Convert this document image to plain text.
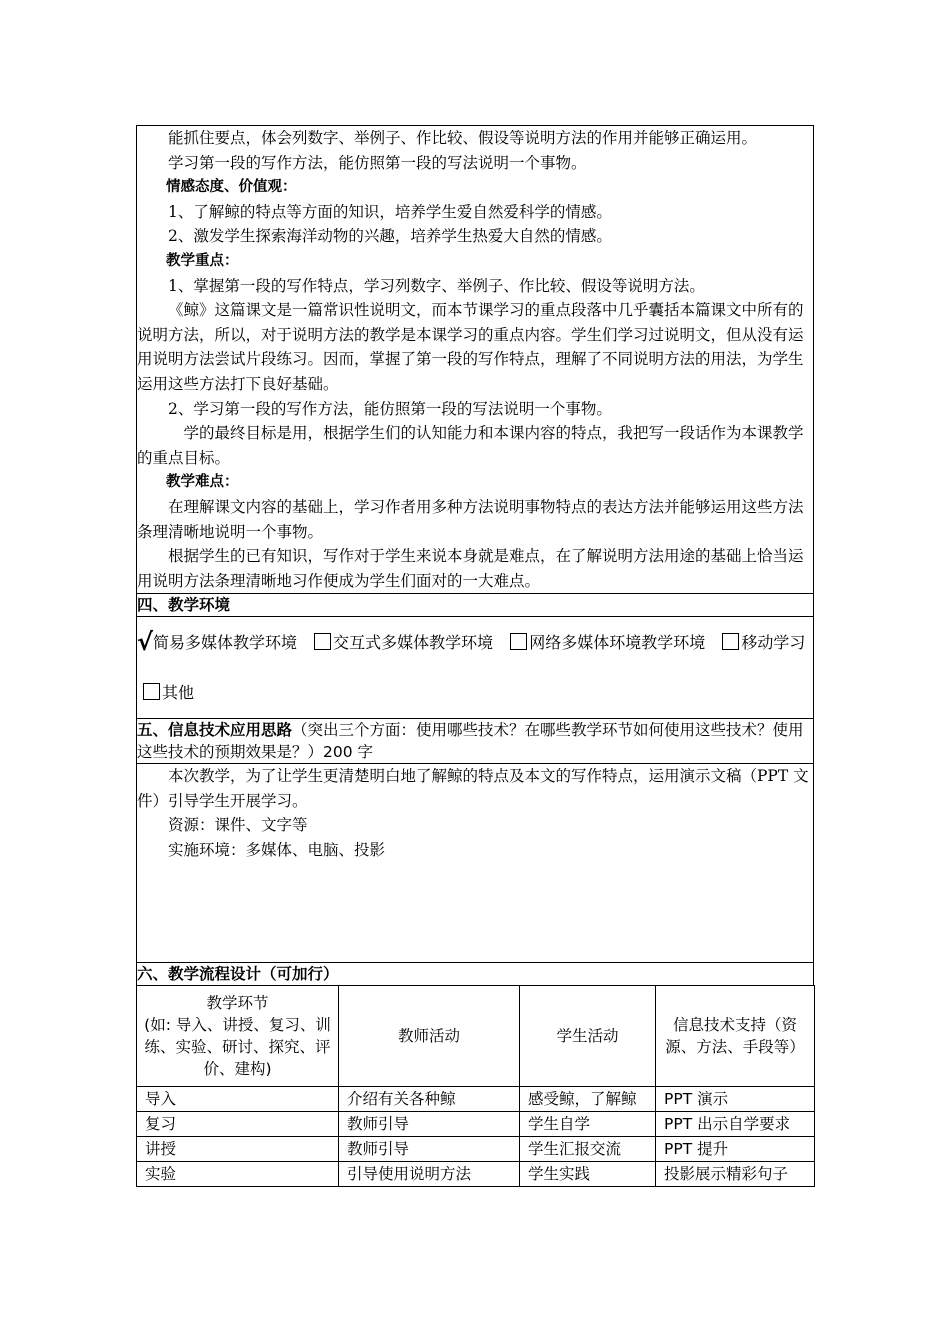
能抓住要点，体会列数字、举例子、作比较、假设等说明方法的作用并能够正确运用。

学习第一段的写作方法，能仿照第一段的写法说明一个事物。

情感态度、价值观：

1、了解鲸的特点等方面的知识，培养学生爱自然爱科学的情感。

2、激发学生探索海洋动物的兴趣，培养学生热爱大自然的情感。

教学重点：

1、掌握第一段的写作特点，学习列数字、举例子、作比较、假设等说明方法。

《鲸》这篇课文是一篇常识性说明文，而本节课学习的重点段落中几乎囊括本篇课文中所有的说明方法，所以，对于说明方法的教学是本课学习的重点内容。学生们学习过说明文，但从没有运用说明方法尝试片段练习。因而，掌握了第一段的写作特点，理解了不同说明方法的用法，为学生运用这些方法打下良好基础。

2、学习第一段的写作方法，能仿照第一段的写法说明一个事物。

学的最终目标是用，根据学生们的认知能力和本课内容的特点，我把写一段话作为本课教学的重点目标。

教学难点：

在理解课文内容的基础上，学习作者用多种方法说明事物特点的表达方法并能够运用这些方法条理清晰地说明一个事物。

根据学生的已有知识，写作对于学生来说本身就是难点，在了解说明方法用途的基础上恰当运用说明方法条理清晰地习作便成为学生们面对的一大难点。

四、教学环境
√简易多媒体教学环境 交互式多媒体教学环境 网络多媒体环境教学环境 移动学习 其他
五、信息技术应用思路（突出三个方面：使用哪些技术？在哪些教学环节如何使用这些技术？使用这些技术的预期效果是？）200 字

本次教学，为了让学生更清楚明白地了解鲸的特点及本文的写作特点，运用演示文稿（PPT 文件）引导学生开展学习。

资源：课件、文字等

实施环境：多媒体、电脑、投影

六、教学流程设计（可加行）
教学环节
(如: 导入、讲授、复习、训练、实验、研讨、探究、评价、建构)	教师活动	学生活动	信息技术支持（资源、方法、手段等）
导入	介绍有关各种鲸	感受鲸，了解鲸	PPT 演示
复习	教师引导	学生自学	PPT 出示自学要求
讲授	教师引导	学生汇报交流	PPT 提升
实验	引导使用说明方法	学生实践	投影展示精彩句子
